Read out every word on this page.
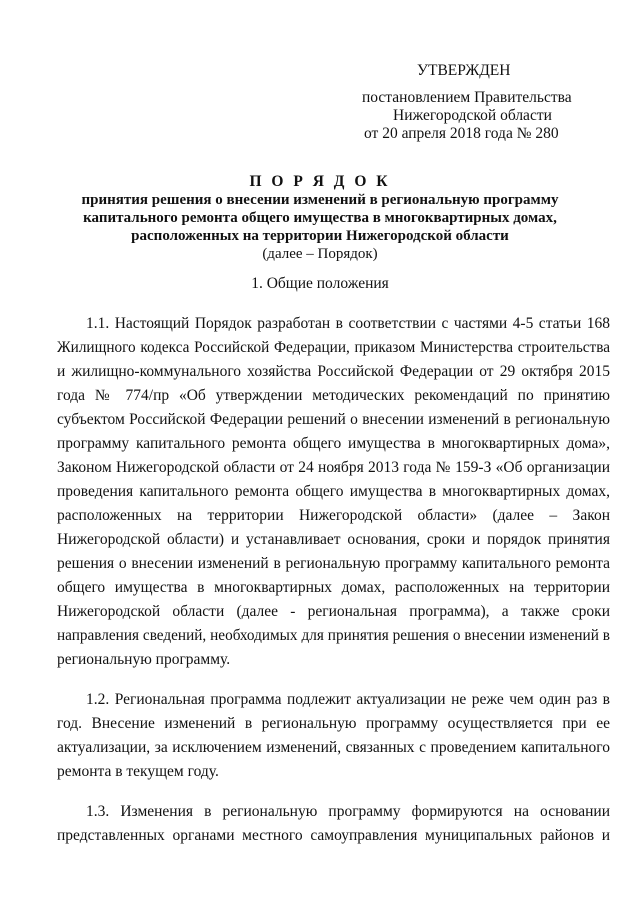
УТВЕРЖДЕН
постановлением Правительства
Нижегородской области
от 20 апреля 2018 года № 280
П О Р Я Д О К
принятия решения о внесении изменений в региональную программу
капитального ремонта общего имущества в многоквартирных домах,
расположенных на территории Нижегородской области
(далее – Порядок)
1. Общие положения
1.1. Настоящий Порядок разработан в соответствии с частями 4-5 статьи 168
Жилищного кодекса Российской Федерации, приказом Министерства строительства
и жилищно-коммунального хозяйства Российской Федерации от 29 октября 2015
года № 774/пр «Об утверждении методических рекомендаций по принятию
субъектом Российской Федерации решений о внесении изменений в региональную
программу капитального ремонта общего имущества в многоквартирных дома»,
Законом Нижегородской области от 24 ноября 2013 года № 159-З «Об организации
проведения капитального ремонта общего имущества в многоквартирных домах,
расположенных на территории Нижегородской области» (далее – Закон
Нижегородской области) и устанавливает основания, сроки и порядок принятия
решения о внесении изменений в региональную программу капитального ремонта
общего имущества в многоквартирных домах, расположенных на территории
Нижегородской области (далее - региональная программа), а также сроки
направления сведений, необходимых для принятия решения о внесении изменений в
региональную программу.
1.2. Региональная программа подлежит актуализации не реже чем один раз в
год. Внесение изменений в региональную программу осуществляется при ее
актуализации, за исключением изменений, связанных с проведением капитального
ремонта в текущем году.
1.3. Изменения в региональную программу формируются на основании
представленных органами местного самоуправления муниципальных районов и
